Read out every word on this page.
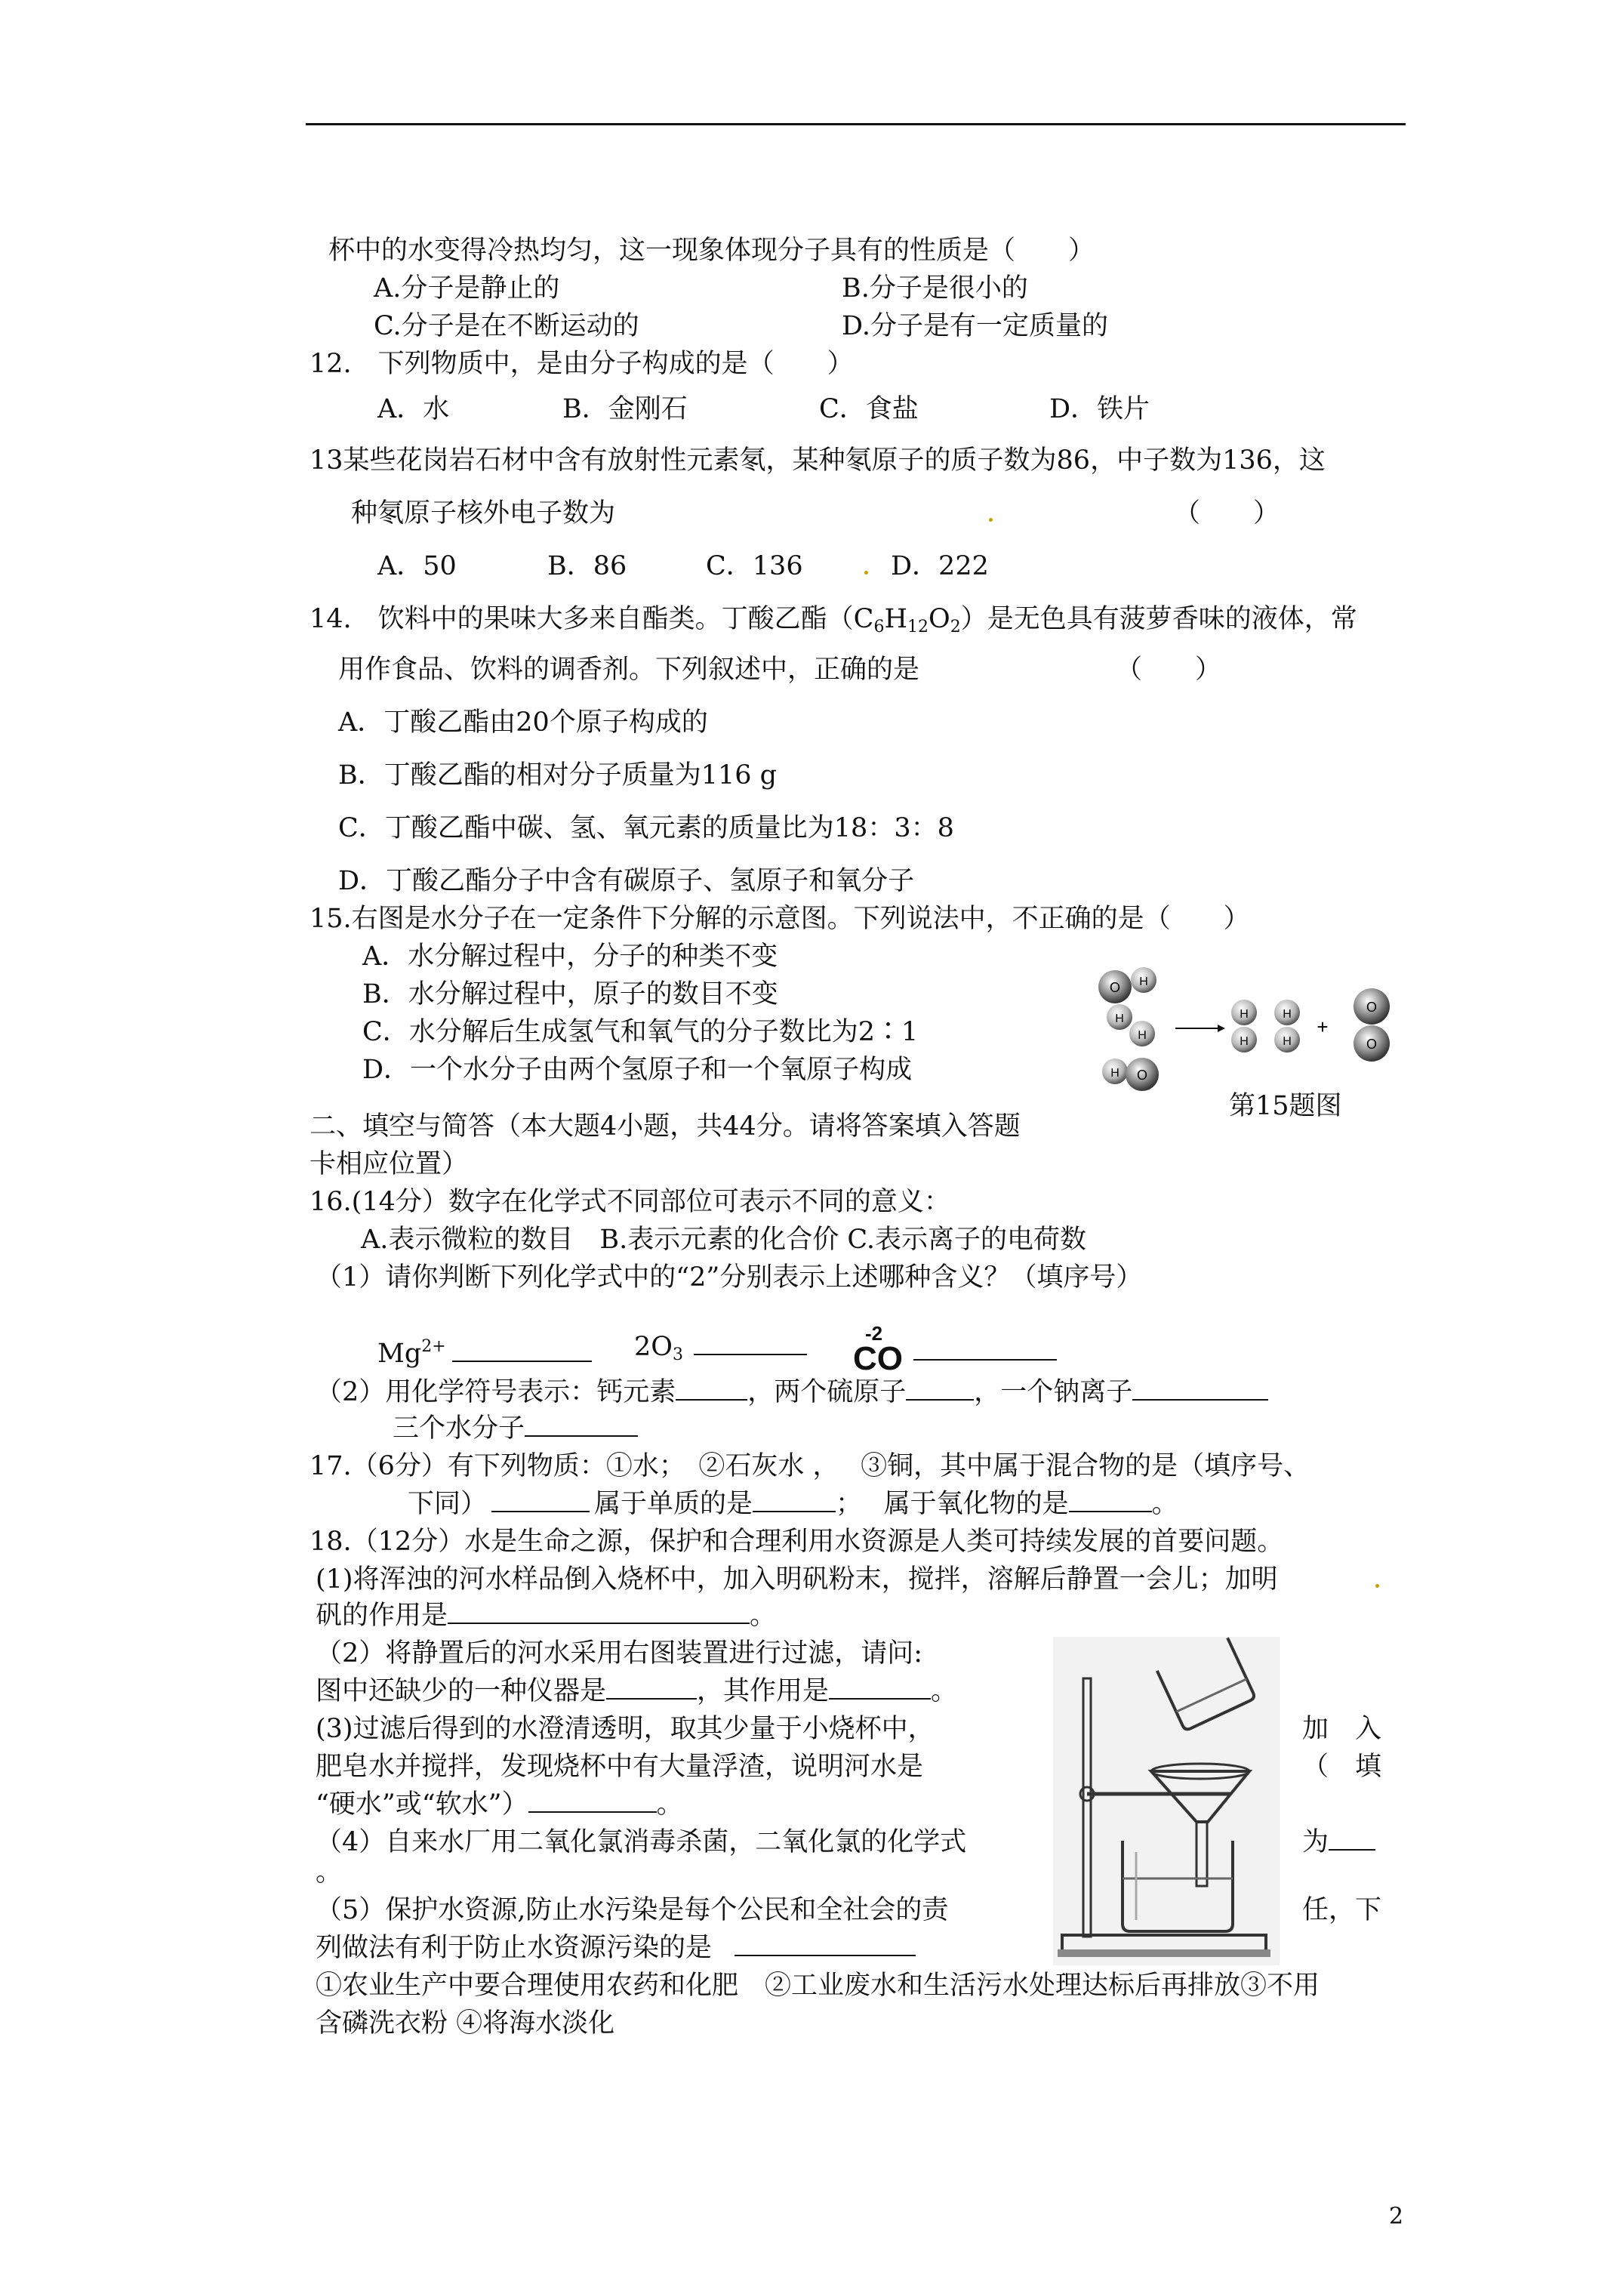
杯中的水变得冷热均匀，这一现象体现分子具有的性质是（　　）
A.分子是静止的	B.分子是很小的
C.分子是在不断运动的	D.分子是有一定质量的
12.　下列物质中，是由分子构成的是（　　）
A．水	B．金刚石	C．食盐	D．铁片
13某些花岗岩石材中含有放射性元素氡，某种氡原子的质子数为86，中子数为136，这
种氡原子核外电子数为	（　　）
A．50	B．86	C．136	D．222
14.　饮料中的果味大多来自酯类。丁酸乙酯$(C_6H_{12}O_2)$是无色具有菠萝香味的液体，常
用作食品、饮料的调香剂。下列叙述中，正确的是	（　　）
A．丁酸乙酯由20个原子构成的
B．丁酸乙酯的相对分子质量为116 g
C．丁酸乙酯中碳、氢、氧元素的质量比为18：3：8
D．丁酸乙酯分子中含有碳原子、氢原子和氧分子
15.右图是水分子在一定条件下分解的示意图。下列说法中，不正确的是（　　）
A．水分解过程中，分子的种类不变
B．水分解过程中，原子的数目不变
C．水分解后生成氢气和氧气的分子数比为2∶1
D．一个水分子由两个氢原子和一个氧原子构成
O H
H
H
H O
H
H
H
H
+
O
O
第15题图
二、填空与简答（本大题4小题，共44分。请将答案填入答题
卡相应位置）
16.(14分）数字在化学式不同部位可表示不同的意义：
A.表示微粒的数目　B.表示元素的化合价 C.表示离子的电荷数
（1）请你判断下列化学式中的“2”分别表示上述哪种含义？（填序号）
$Mg^{2+}$	$2O_3$
-2
CO
（2）用化学符号表示：钙元素	，两个硫原子	，一个钠离子
三个水分子
17.（6分）有下列物质：①水；　②石灰水 ，　 ③铜，其中属于混合物的是（填序号、
下同）	属于单质的是	；　 属于氧化物的是	。
18.（12分）水是生命之源，保护和合理利用水资源是人类可持续发展的首要问题。
(1)将浑浊的河水样品倒入烧杯中，加入明矾粉末，搅拌，溶解后静置一会儿；加明
矾的作用是	。
（2）将静置后的河水采用右图装置进行过滤，请问:
图中还缺少的一种仪器是	，其作用是	。
(3)过滤后得到的水澄清透明，取其少量于小烧杯中，	加　入
肥皂水并搅拌，发现烧杯中有大量浮渣，说明河水是	（　填
“硬水”或“软水”）	。
（4）自来水厂用二氧化氯消毒杀菌，二氧化氯的化学式	为
。
（5）保护水资源,防止水污染是每个公民和全社会的责	任，下
列做法有利于防止水资源污染的是
①农业生产中要合理使用农药和化肥　②工业废水和生活污水处理达标后再排放③不用
含磷洗衣粉 ④将海水淡化
2
